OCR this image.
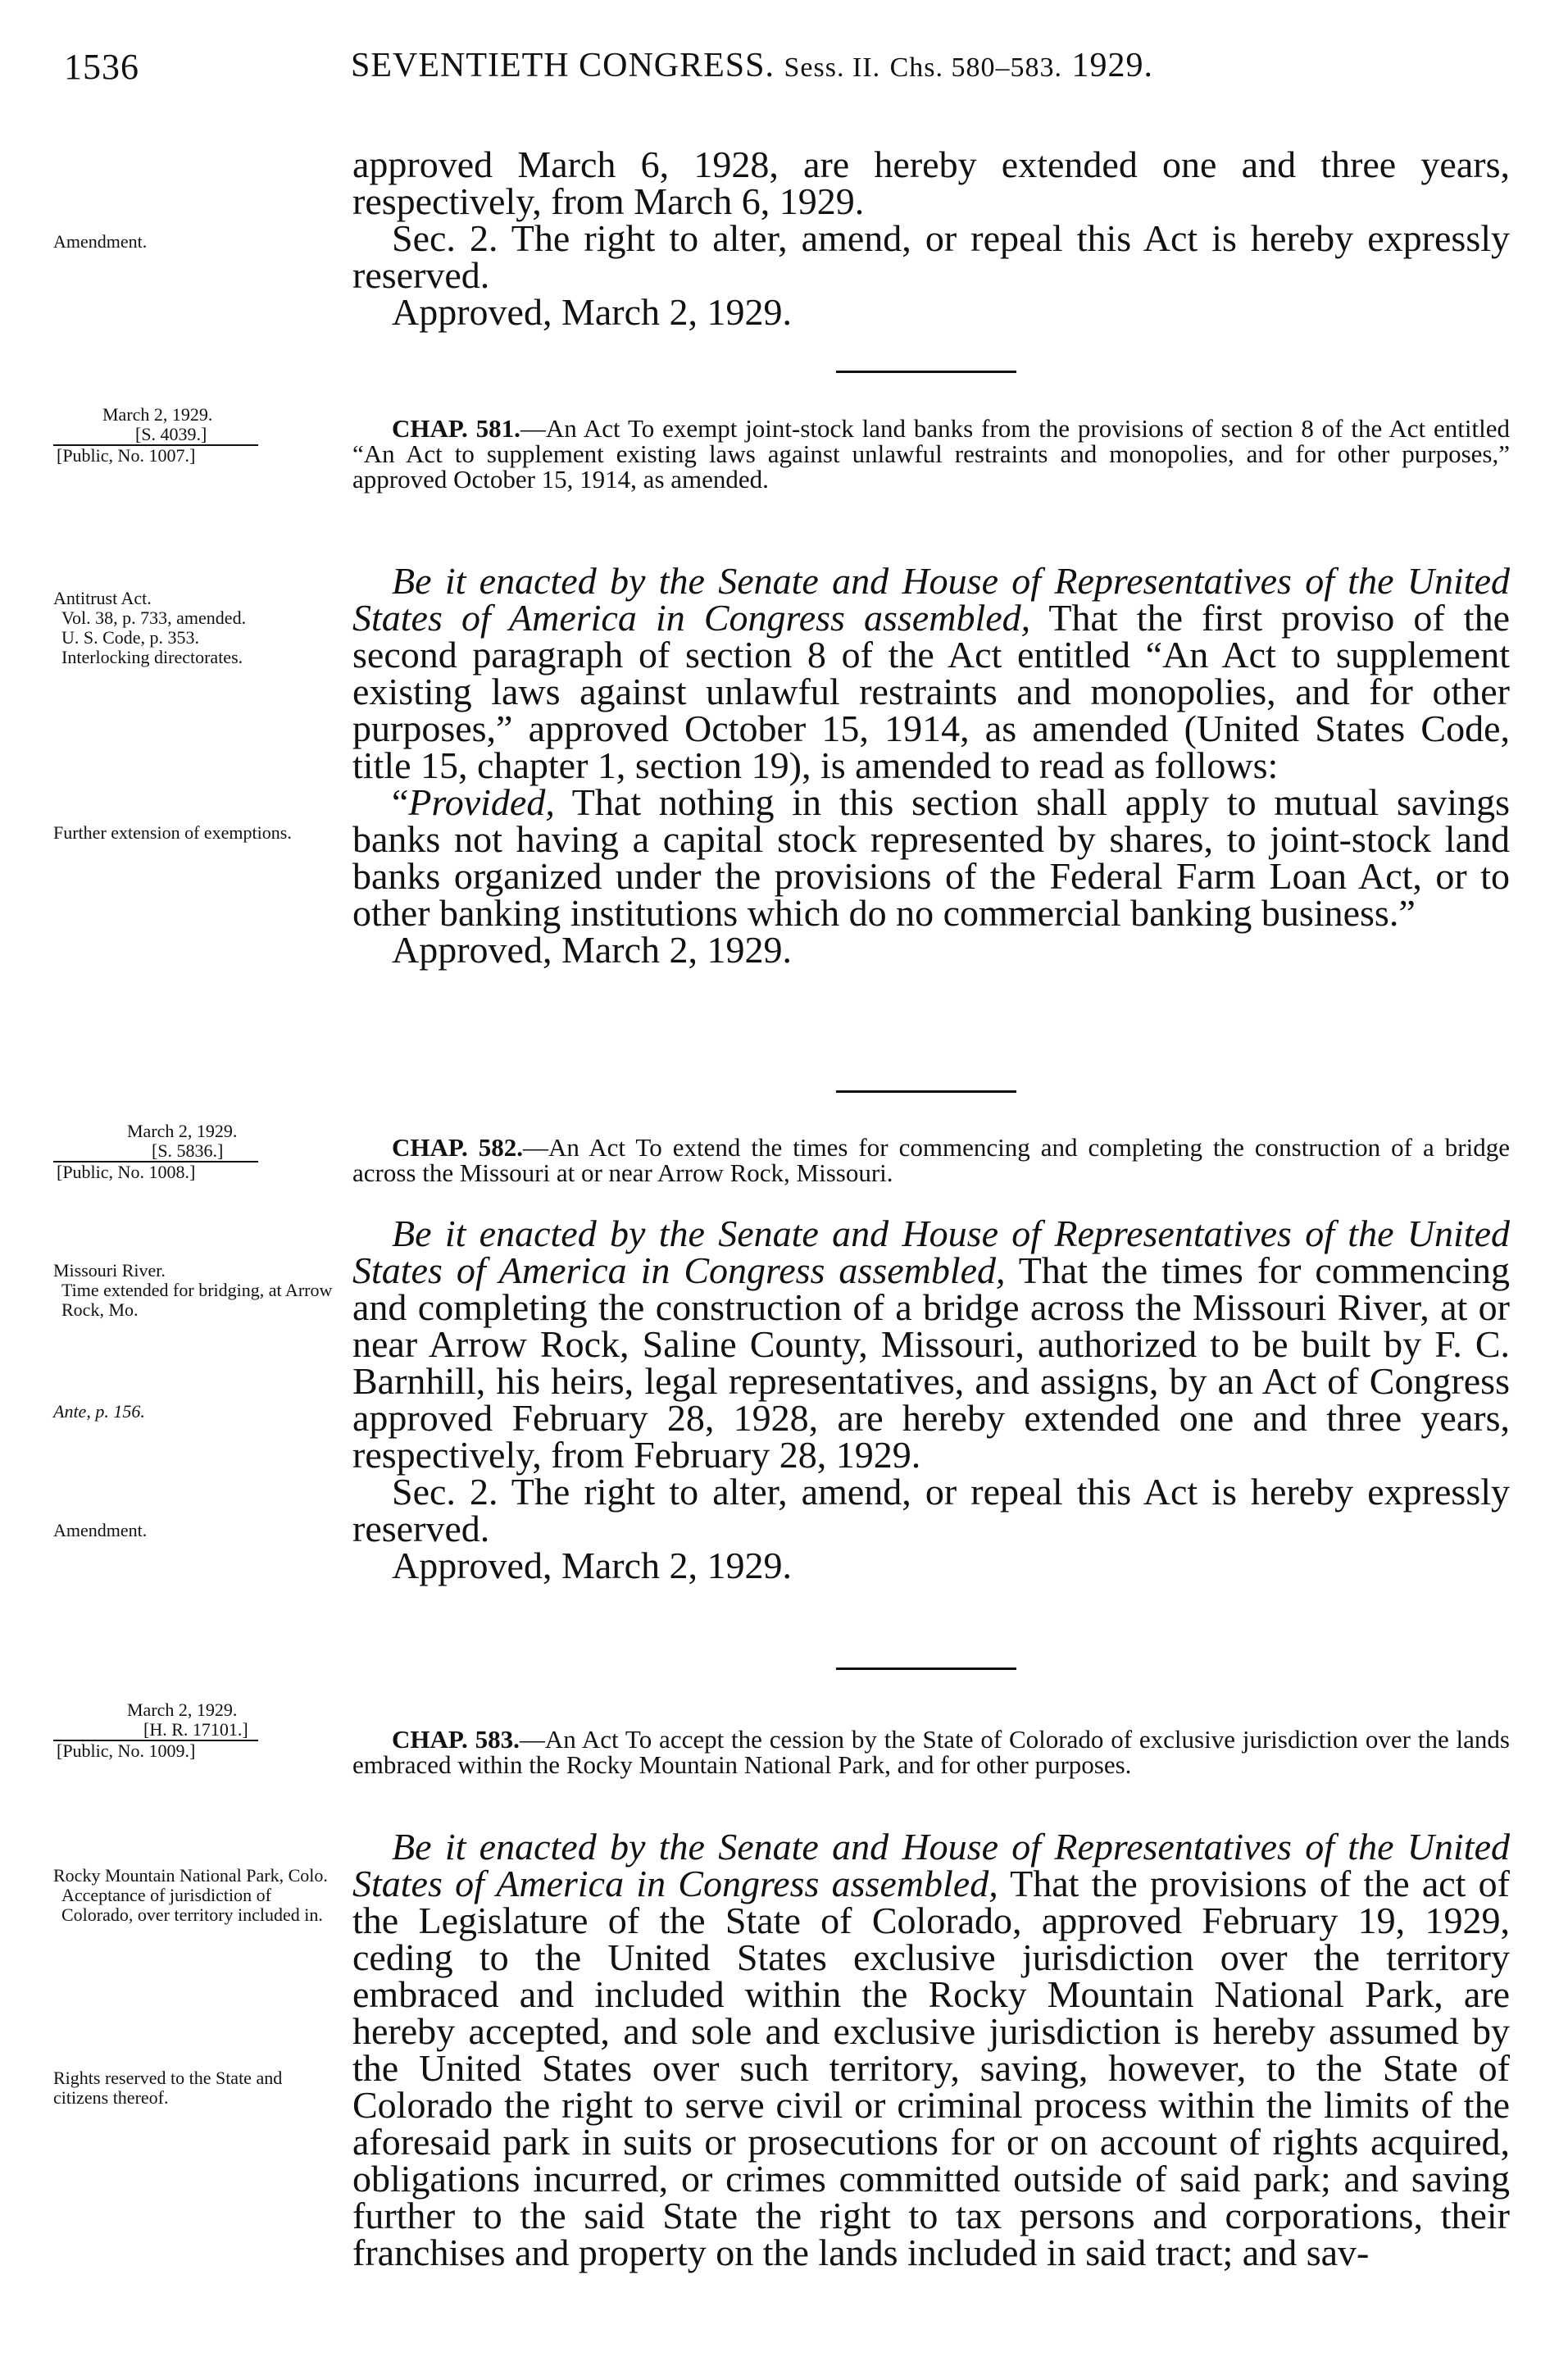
1536	SEVENTIETH CONGRESS. Sess. II. Chs. 580–583. 1929.
Amendment.

approved March 6, 1928, are hereby extended one and three years, respectively, from March 6, 1929.

Sec. 2. The right to alter, amend, or repeal this Act is hereby expressly reserved.

Approved, March 2, 1929.

March 2, 1929.
[S. 4039.]
[Public, No. 1007.]

CHAP. 581.—An Act To exempt joint-stock land banks from the provisions of section 8 of the Act entitled “An Act to supplement existing laws against unlawful restraints and monopolies, and for other purposes,” approved October 15, 1914, as amended.

Antitrust Act.
Vol. 38, p. 733, amended.
U. S. Code, p. 353.
Interlocking directorates.
Further extension of exemptions.

Be it enacted by the Senate and House of Representatives of the United States of America in Congress assembled, That the first proviso of the second paragraph of section 8 of the Act entitled “An Act to supplement existing laws against unlawful restraints and monopolies, and for other purposes,” approved October 15, 1914, as amended (United States Code, title 15, chapter 1, section 19), is amended to read as follows:

“Provided, That nothing in this section shall apply to mutual savings banks not having a capital stock represented by shares, to joint-stock land banks organized under the provisions of the Federal Farm Loan Act, or to other banking institutions which do no commercial banking business.”

Approved, March 2, 1929.

March 2, 1929.
[S. 5836.]
[Public, No. 1008.]

CHAP. 582.—An Act To extend the times for commencing and completing the construction of a bridge across the Missouri at or near Arrow Rock, Missouri.

Missouri River.
Time extended for bridging, at Arrow Rock, Mo.
Ante, p. 156.
Amendment.

Be it enacted by the Senate and House of Representatives of the United States of America in Congress assembled, That the times for commencing and completing the construction of a bridge across the Missouri River, at or near Arrow Rock, Saline County, Missouri, authorized to be built by F. C. Barnhill, his heirs, legal representatives, and assigns, by an Act of Congress approved February 28, 1928, are hereby extended one and three years, respectively, from February 28, 1929.

Sec. 2. The right to alter, amend, or repeal this Act is hereby expressly reserved.

Approved, March 2, 1929.

March 2, 1929.
[H. R. 17101.]
[Public, No. 1009.]	CHAP. 583.—An Act To accept the cession by the State of Colorado of exclusive jurisdiction over the lands embraced within the Rocky Mountain National Park, and for other purposes.

Rocky Mountain National Park, Colo.
Acceptance of jurisdiction of Colorado, over territory included in.
Rights reserved to the State and citizens thereof.

Be it enacted by the Senate and House of Representatives of the United States of America in Congress assembled, That the provisions of the act of the Legislature of the State of Colorado, approved February 19, 1929, ceding to the United States exclusive jurisdiction over the territory embraced and included within the Rocky Mountain National Park, are hereby accepted, and sole and exclusive jurisdiction is hereby assumed by the United States over such territory, saving, however, to the State of Colorado the right to serve civil or criminal process within the limits of the aforesaid park in suits or prosecutions for or on account of rights acquired, obligations incurred, or crimes committed outside of said park; and saving further to the said State the right to tax persons and corporations, their franchises and property on the lands included in said tract; and sav-
